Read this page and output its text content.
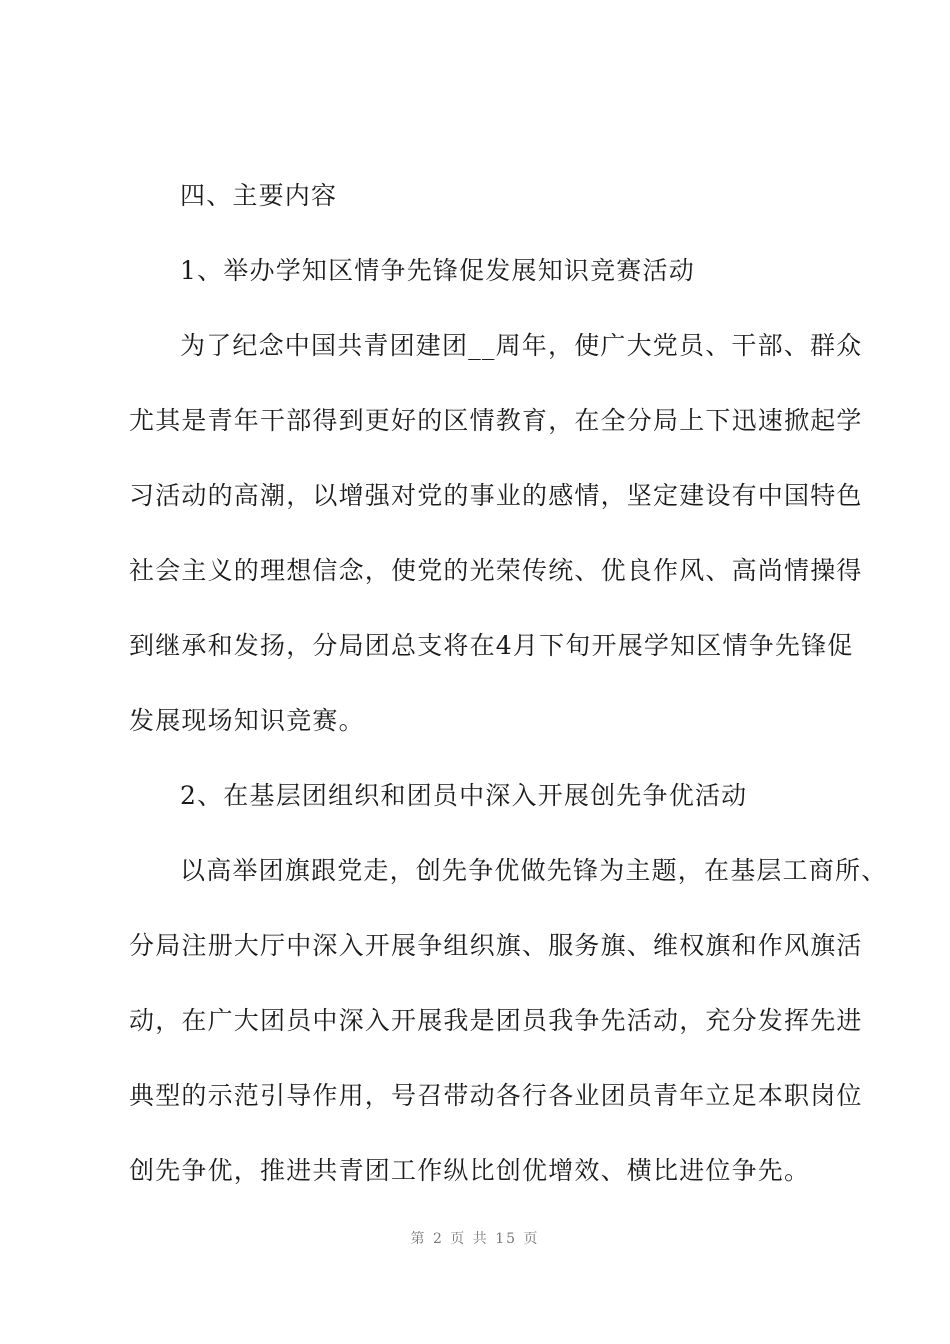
四、主要内容
1、举办学知区情争先锋促发展知识竞赛活动
为了纪念中国共青团建团__周年，使广大党员、干部、群众
尤其是青年干部得到更好的区情教育，在全分局上下迅速掀起学
习活动的高潮，以增强对党的事业的感情，坚定建设有中国特色
社会主义的理想信念，使党的光荣传统、优良作风、高尚情操得
到继承和发扬，分局团总支将在4月下旬开展学知区情争先锋促
发展现场知识竞赛。
2、在基层团组织和团员中深入开展创先争优活动
以高举团旗跟党走，创先争优做先锋为主题，在基层工商所、
分局注册大厅中深入开展争组织旗、服务旗、维权旗和作风旗活
动，在广大团员中深入开展我是团员我争先活动，充分发挥先进
典型的示范引导作用，号召带动各行各业团员青年立足本职岗位
创先争优，推进共青团工作纵比创优增效、横比进位争先。
第 2 页 共 15 页
